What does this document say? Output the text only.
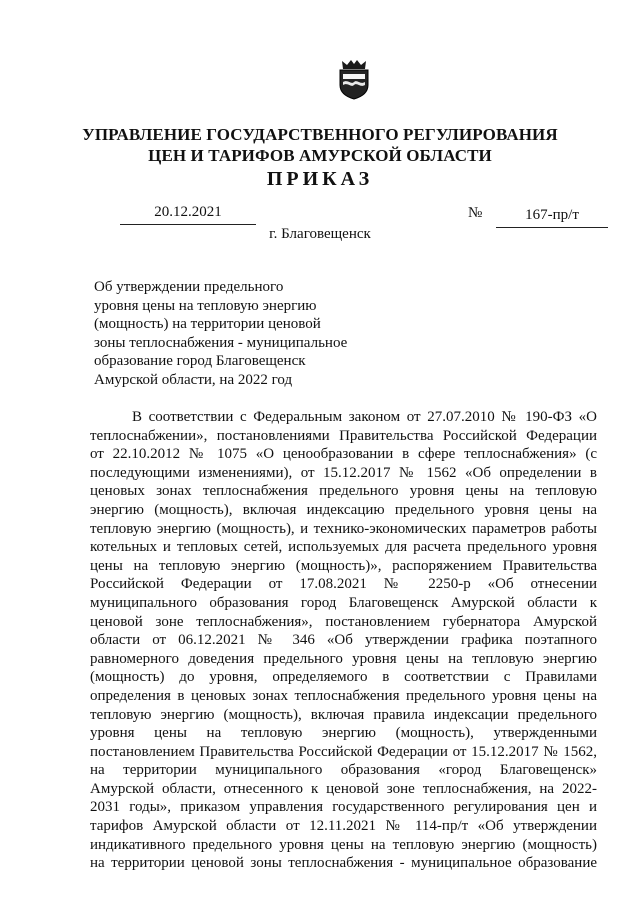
УПРАВЛЕНИЕ ГОСУДАРСТВЕННОГО РЕГУЛИРОВАНИЯ
ЦЕН И ТАРИФОВ АМУРСКОЙ ОБЛАСТИ
ПРИКАЗ
20.12.2021	№	167-пр/т
г. Благовещенск
Об утверждении предельного
уровня цены на тепловую энергию
(мощность) на территории ценовой
зоны теплоснабжения - муниципальное
образование город Благовещенск
Амурской области, на 2022 год
В соответствии с Федеральным законом от 27.07.2010 № 190-ФЗ «О
теплоснабжении», постановлениями Правительства Российской Федерации
от 22.10.2012 № 1075 «О ценообразовании в сфере теплоснабжения» (с
последующими изменениями), от 15.12.2017 № 1562 «Об определении в
ценовых зонах теплоснабжения предельного уровня цены на тепловую
энергию (мощность), включая индексацию предельного уровня цены на
тепловую энергию (мощность), и технико-экономических параметров работы
котельных и тепловых сетей, используемых для расчета предельного уровня
цены на тепловую энергию (мощность)», распоряжением Правительства
Российской Федерации от 17.08.2021 № 2250-р «Об отнесении
муниципального образования город Благовещенск Амурской области к
ценовой зоне теплоснабжения», постановлением губернатора Амурской
области от 06.12.2021 № 346 «Об утверждении графика поэтапного
равномерного доведения предельного уровня цены на тепловую энергию
(мощность) до уровня, определяемого в соответствии с Правилами
определения в ценовых зонах теплоснабжения предельного уровня цены на
тепловую энергию (мощность), включая правила индексации предельного
уровня цены на тепловую энергию (мощность), утвержденными
постановлением Правительства Российской Федерации от 15.12.2017 № 1562,
на территории муниципального образования «город Благовещенск»
Амурской области, отнесенного к ценовой зоне теплоснабжения, на 2022-
2031 годы», приказом управления государственного регулирования цен и
тарифов Амурской области от 12.11.2021 № 114-пр/т «Об утверждении
индикативного предельного уровня цены на тепловую энергию (мощность)
на территории ценовой зоны теплоснабжения - муниципальное образование
